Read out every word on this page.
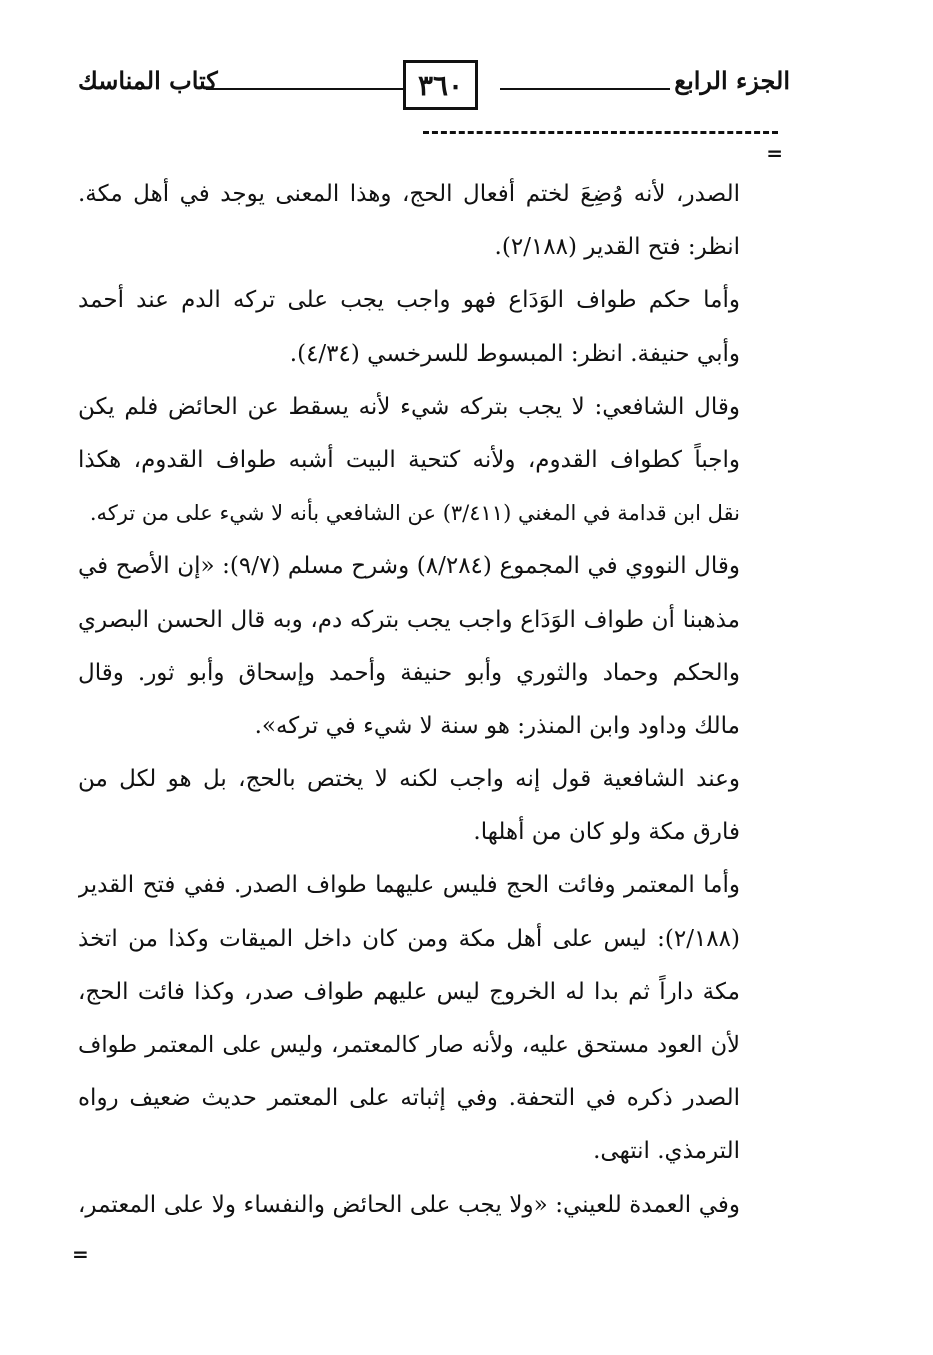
الجزء الرابع
٣٦٠
كتاب المناسك
=
الصدر، لأنه وُضِعَ لختم أفعال الحج، وهذا المعنى يوجد في أهل مكة.
انظر: فتح القدير (٢/١٨٨).
وأما حكم طواف الوَدَاع فهو واجب يجب على تركه الدم عند أحمد
وأبي حنيفة. انظر: المبسوط للسرخسي (٤/٣٤).
وقال الشافعي: لا يجب بتركه شيء لأنه يسقط عن الحائض فلم يكن
واجباً كطواف القدوم، ولأنه كتحية البيت أشبه طواف القدوم، هكذا
نقل ابن قدامة في المغني (٣/٤١١) عن الشافعي بأنه لا شيء على من تركه.
وقال النووي في المجموع (٨/٢٨٤) وشرح مسلم (٩/٧): «إن الأصح في
مذهبنا أن طواف الوَدَاع واجب يجب بتركه دم، وبه قال الحسن البصري
والحكم وحماد والثوري وأبو حنيفة وأحمد وإسحاق وأبو ثور. وقال
مالك وداود وابن المنذر: هو سنة لا شيء في تركه».
وعند الشافعية قول إنه واجب لكنه لا يختص بالحج، بل هو لكل من
فارق مكة ولو كان من أهلها.
وأما المعتمر وفائت الحج فليس عليهما طواف الصدر. ففي فتح القدير
(٢/١٨٨): ليس على أهل مكة ومن كان داخل الميقات وكذا من اتخذ
مكة داراً ثم بدا له الخروج ليس عليهم طواف صدر، وكذا فائت الحج،
لأن العود مستحق عليه، ولأنه صار كالمعتمر، وليس على المعتمر طواف
الصدر ذكره في التحفة. وفي إثباته على المعتمر حديث ضعيف رواه
الترمذي. انتهى.
وفي العمدة للعيني: «ولا يجب على الحائض والنفساء ولا على المعتمر،
=
